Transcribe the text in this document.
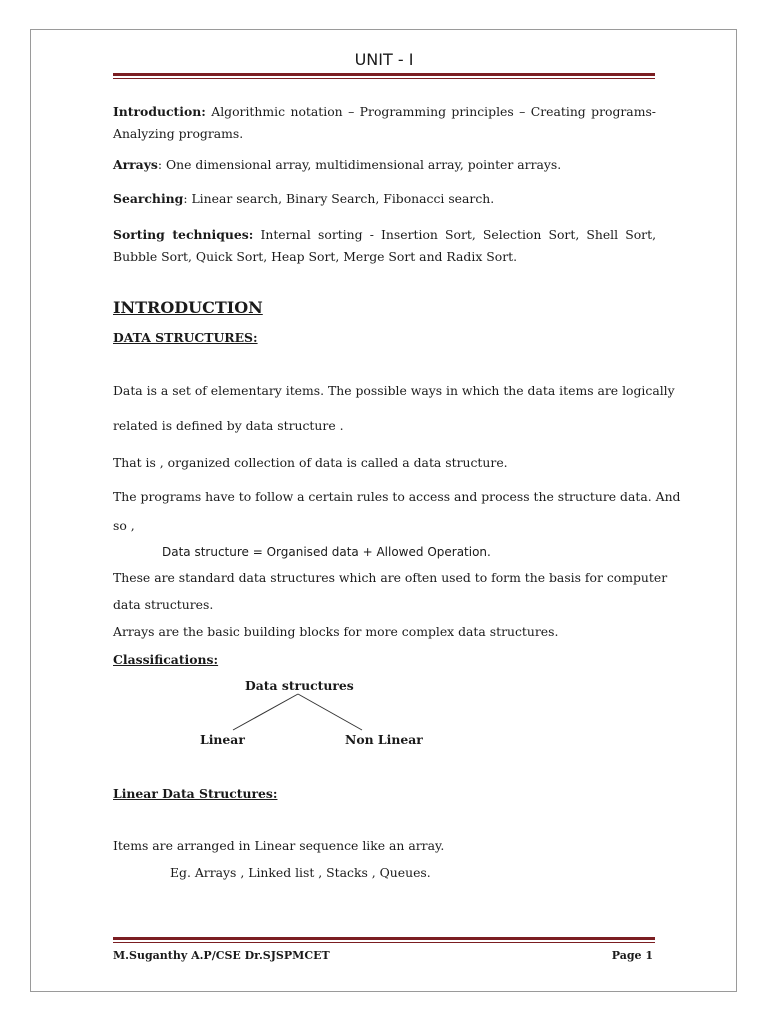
UNIT - I
Introduction: Algorithmic notation – Programming principles – Creating programs- Analyzing programs.
Arrays: One dimensional array, multidimensional array, pointer arrays.
Searching: Linear search, Binary Search, Fibonacci search.
Sorting techniques: Internal sorting - Insertion Sort, Selection Sort, Shell Sort, Bubble Sort, Quick Sort, Heap Sort, Merge Sort and Radix Sort.
INTRODUCTION
DATA STRUCTURES:
Data is a set of elementary items. The possible ways in which the data items are logically
related is defined by data structure .
That is , organized collection of data is called a data structure.
The programs have to follow a certain rules to access and process the structure data. And
so ,
Data structure = Organised data + Allowed Operation.
These are standard data structures which are often used to form the basis for computer
data structures.
Arrays are the basic building blocks for more complex data structures.
Classifications:
Data structures
Linear	Non Linear
Linear Data Structures:
Items are arranged in Linear sequence like an array.
Eg. Arrays , Linked list , Stacks , Queues.
M.Suganthy A.P/CSE Dr.SJSPMCET	Page 1
